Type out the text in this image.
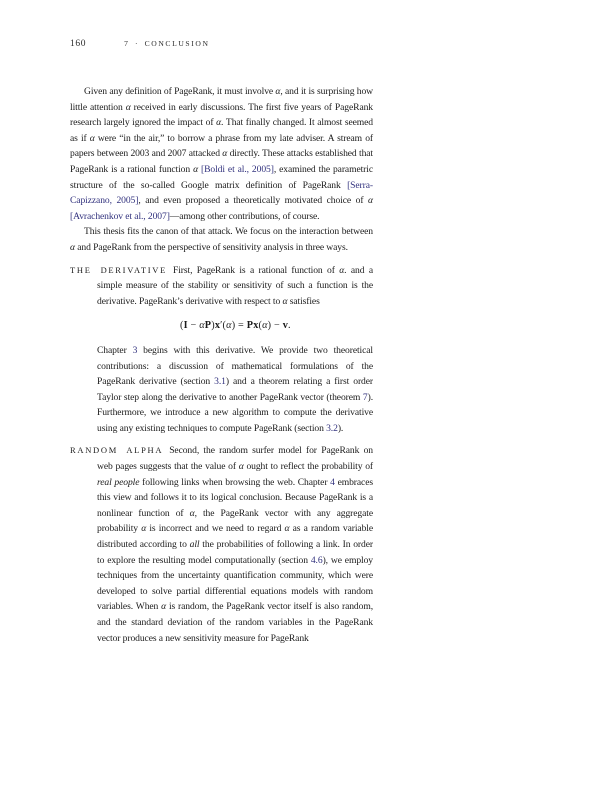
160	7 · CONCLUSION
Given any definition of PageRank, it must involve α, and it is surprising how little attention α received in early discussions. The first five years of PageRank research largely ignored the impact of α. That finally changed. It almost seemed as if α were “in the air,” to borrow a phrase from my late adviser. A stream of papers between 2003 and 2007 attacked α directly. These attacks established that PageRank is a rational function α [Boldi et al., 2005], examined the parametric structure of the so-called Google matrix definition of PageRank [Serra-Capizzano, 2005], and even proposed a theoretically motivated choice of α [Avrachenkov et al., 2007]—among other contributions, of course.
This thesis fits the canon of that attack. We focus on the interaction between α and PageRank from the perspective of sensitivity analysis in three ways.
THE DERIVATIVE First, PageRank is a rational function of α. and a simple measure of the stability or sensitivity of such a function is the derivative. PageRank’s derivative with respect to α satisfies
(I − αP)x′(α) = Px(α) − v.
Chapter 3 begins with this derivative. We provide two theoretical contributions: a discussion of mathematical formulations of the PageRank derivative (section 3.1) and a theorem relating a first order Taylor step along the derivative to another PageRank vector (theorem 7). Furthermore, we introduce a new algorithm to compute the derivative using any existing techniques to compute PageRank (section 3.2).
RANDOM ALPHA Second, the random surfer model for PageRank on web pages suggests that the value of α ought to reflect the probability of real people following links when browsing the web. Chapter 4 embraces this view and follows it to its logical conclusion. Because PageRank is a nonlinear function of α, the PageRank vector with any aggregate probability α is incorrect and we need to regard α as a random variable distributed according to all the probabilities of following a link. In order to explore the resulting model computationally (section 4.6), we employ techniques from the uncertainty quantification community, which were developed to solve partial differential equations models with random variables. When α is random, the PageRank vector itself is also random, and the standard deviation of the random variables in the PageRank vector produces a new sensitivity measure for PageRank
